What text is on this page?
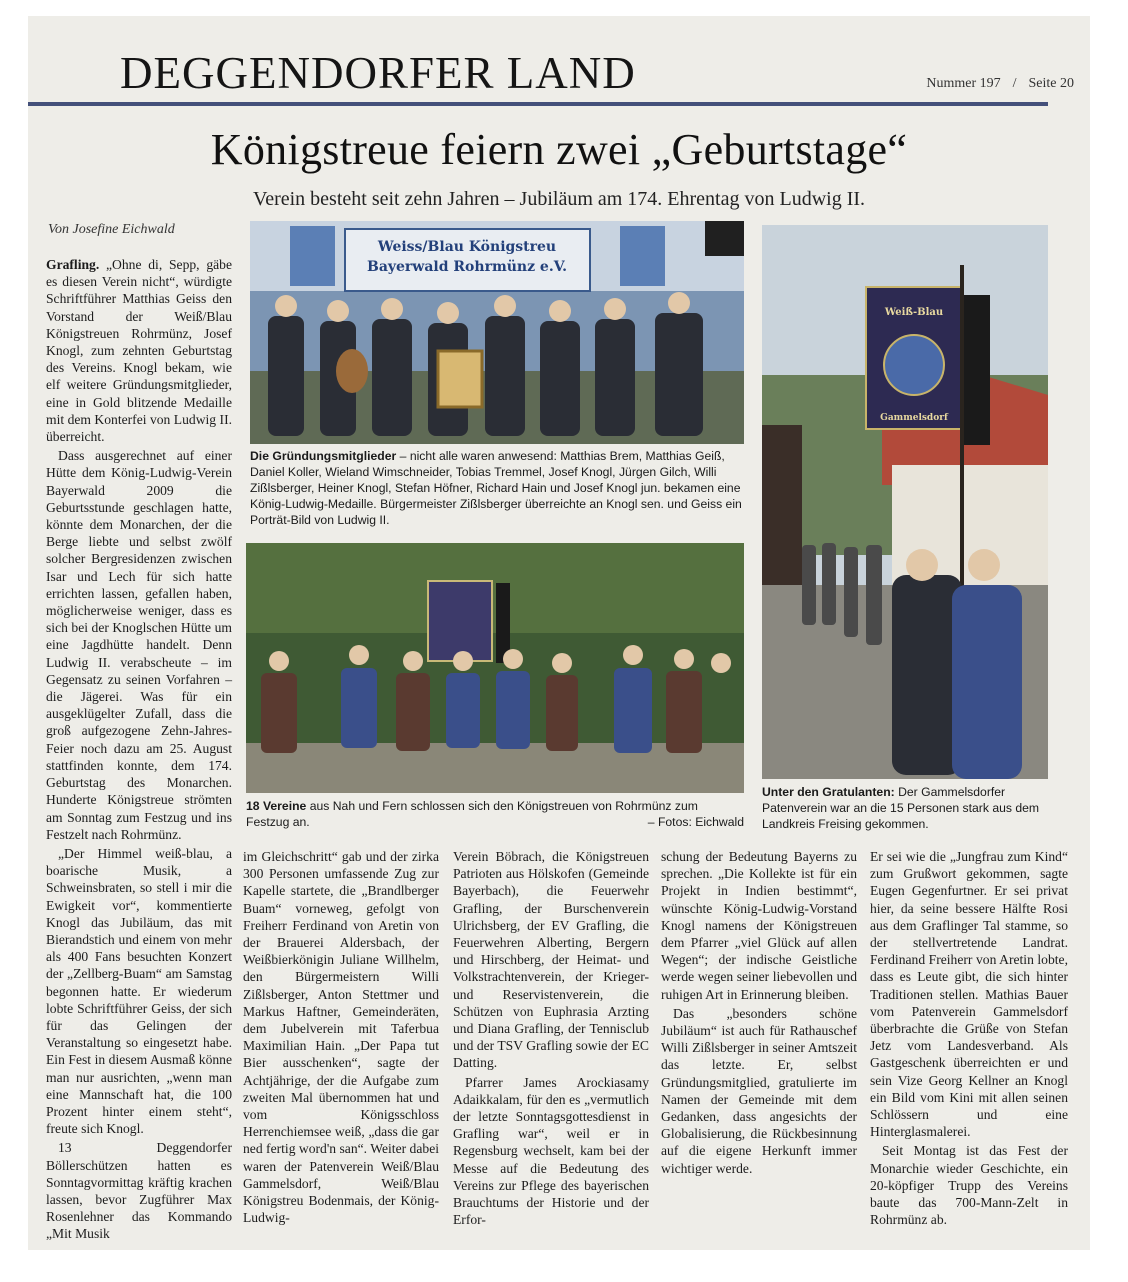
DEGGENDORFER LAND	Nummer 197 / Seite 20
Königstreue feiern zwei „Geburtstage“
Verein besteht seit zehn Jahren – Jubiläum am 174. Ehrentag von Ludwig II.
Von Josefine Eichwald

Grafling. „Ohne di, Sepp, gäbe es diesen Verein nicht“, würdigte Schriftführer Matthias Geiss den Vorstand der Weiß/Blau Königstreuen Rohrmünz, Josef Knogl, zum zehnten Geburtstag des Vereins. Knogl bekam, wie elf weitere Gründungsmitglieder, eine in Gold blitzende Medaille mit dem Konterfei von Ludwig II. überreicht.

Dass ausgerechnet auf einer Hütte dem König-Ludwig-Verein Bayerwald 2009 die Geburtsstunde geschlagen hatte, könnte dem Monarchen, der die Berge liebte und selbst zwölf solcher Bergresidenzen zwischen Isar und Lech für sich hatte errichten lassen, gefallen haben, möglicherweise weniger, dass es sich bei der Knoglschen Hütte um eine Jagdhütte handelt. Denn Ludwig II. verabscheute – im Gegensatz zu seinen Vorfahren – die Jägerei. Was für ein ausgeklügelter Zufall, dass die groß aufgezogene Zehn-Jahres-Feier noch dazu am 25. August stattfinden konnte, dem 174. Geburtstag des Monarchen. Hunderte Königstreue strömten am Sonntag zum Festzug und ins Festzelt nach Rohrmünz.

„Der Himmel weiß-blau, a boarische Musik, a Schweinsbraten, so stell i mir die Ewigkeit vor“, kommentierte Knogl das Jubiläum, das mit Bierandstich und einem von mehr als 400 Fans besuchten Konzert der „Zellberg-Buam“ am Samstag begonnen hatte. Er wiederum lobte Schriftführer Geiss, der sich für das Gelingen der Veranstaltung so eingesetzt habe. Ein Fest in diesem Ausmaß könne man nur ausrichten, „wenn man eine Mannschaft hat, die 100 Prozent hinter einem steht“, freute sich Knogl.

13 Deggendorfer Böllerschützen hatten es Sonntagvormittag kräftig krachen lassen, bevor Zugführer Max Rosenlehner das Kommando „Mit Musik

Weiss/Blau Königstreu
Bayerwald Rohrmünz e.V.
Die Gründungsmitglieder – nicht alle waren anwesend: Matthias Brem, Matthias Geiß, Daniel Koller, Wieland Wimschneider, Tobias Tremmel, Josef Knogl, Jürgen Gilch, Willi Zißlsberger, Heiner Knogl, Stefan Höfner, Richard Hain und Josef Knogl jun. bekamen eine König-Ludwig-Medaille. Bürgermeister Zißlsberger überreichte an Knogl sen. und Geiss ein Porträt-Bild von Ludwig II.
18 Vereine aus Nah und Fern schlossen sich den Königstreuen von Rohrmünz zum Festzug an.	– Fotos: Eichwald
Weiß-Blau
Gammelsdorf
Unter den Gratulanten: Der Gammelsdorfer Patenverein war an die 15 Personen stark aus dem Landkreis Freising gekommen.

im Gleichschritt“ gab und der zirka 300 Personen umfassende Zug zur Kapelle startete, die „Brandlberger Buam“ vorneweg, gefolgt von Freiherr Ferdinand von Aretin von der Brauerei Aldersbach, der Weißbierkönigin Juliane Willhelm, den Bürgermeistern Willi Zißlsberger, Anton Stettmer und Markus Haftner, Gemeinderäten, dem Jubelverein mit Taferbua Maximilian Hain. „Der Papa tut Bier ausschenken“, sagte der Achtjährige, der die Aufgabe zum zweiten Mal übernommen hat und vom Königsschloss Herrenchiemsee weiß, „dass die gar ned fertig word'n san“. Weiter dabei waren der Patenverein Weiß/Blau Gammelsdorf, Weiß/Blau Königstreu Bodenmais, der König-Ludwig-

Verein Böbrach, die Königstreuen Patrioten aus Hölskofen (Gemeinde Bayerbach), die Feuerwehr Grafling, der Burschenverein Ulrichsberg, der EV Grafling, die Feuerwehren Alberting, Bergern und Hirschberg, der Heimat- und Volkstrachtenverein, der Krieger- und Reservistenverein, die Schützen von Euphrasia Arzting und Diana Grafling, der Tennisclub und der TSV Grafling sowie der EC Datting.

Pfarrer James Arockiasamy Adaikkalam, für den es „vermutlich der letzte Sonntagsgottesdienst in Grafling war“, weil er in Regensburg wechselt, kam bei der Messe auf die Bedeutung des Vereins zur Pflege des bayerischen Brauchtums der Historie und der Erfor-

schung der Bedeutung Bayerns zu sprechen. „Die Kollekte ist für ein Projekt in Indien bestimmt“, wünschte König-Ludwig-Vorstand Knogl namens der Königstreuen dem Pfarrer „viel Glück auf allen Wegen“; der indische Geistliche werde wegen seiner liebevollen und ruhigen Art in Erinnerung bleiben.

Das „besonders schöne Jubiläum“ ist auch für Rathauschef Willi Zißlsberger in seiner Amtszeit das letzte. Er, selbst Gründungsmitglied, gratulierte im Namen der Gemeinde mit dem Gedanken, dass angesichts der Globalisierung, die Rückbesinnung auf die eigene Herkunft immer wichtiger werde.

Er sei wie die „Jungfrau zum Kind“ zum Grußwort gekommen, sagte Eugen Gegenfurtner. Er sei privat hier, da seine bessere Hälfte Rosi aus dem Graflinger Tal stamme, so der stellvertretende Landrat. Ferdinand Freiherr von Aretin lobte, dass es Leute gibt, die sich hinter Traditionen stellen. Mathias Bauer vom Patenverein Gammelsdorf überbrachte die Grüße von Stefan Jetz vom Landesverband. Als Gastgeschenk überreichten er und sein Vize Georg Kellner an Knogl ein Bild vom Kini mit allen seinen Schlössern und eine Hinterglasmalerei.

Seit Montag ist das Fest der Monarchie wieder Geschichte, ein 20-köpfiger Trupp des Vereins baute das 700-Mann-Zelt in Rohrmünz ab.
